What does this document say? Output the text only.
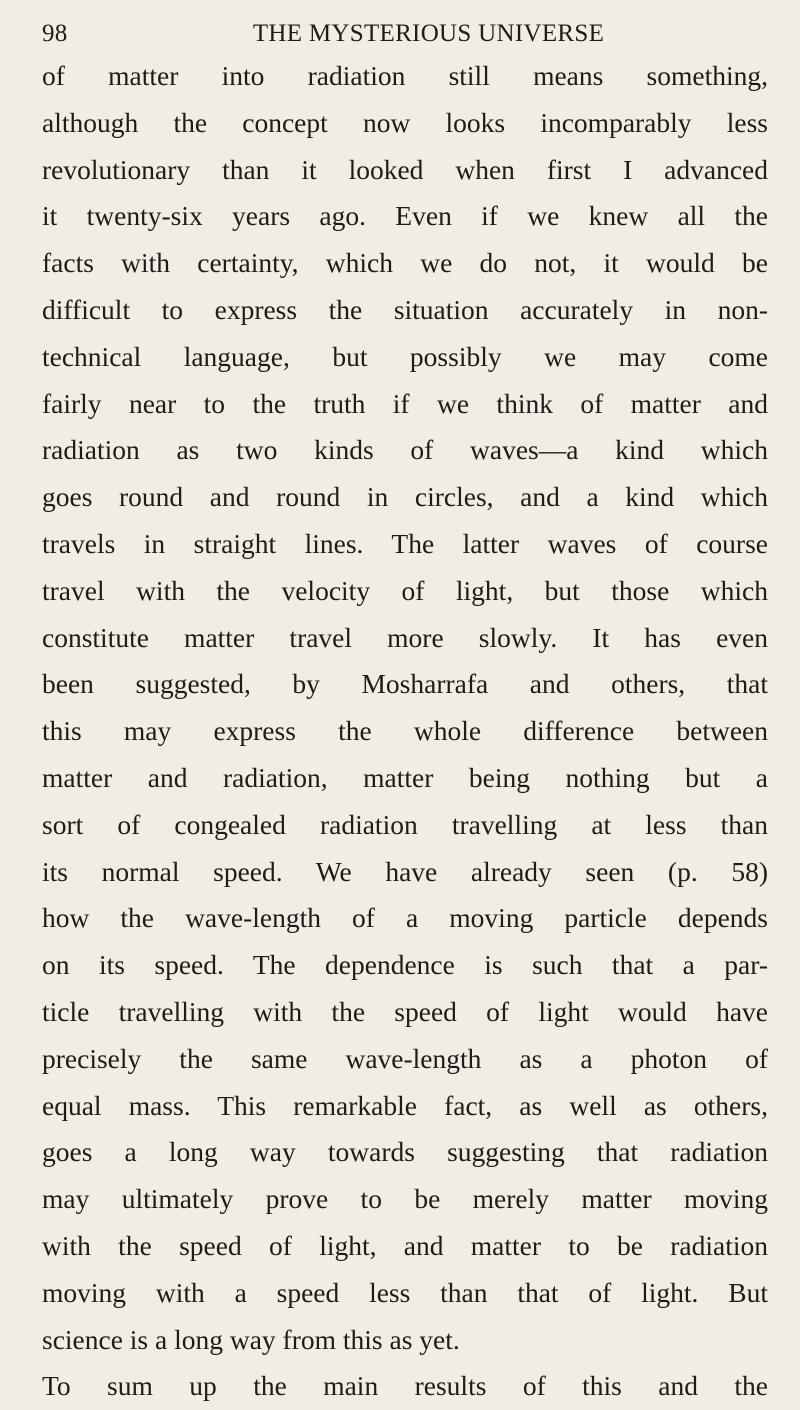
98	THE MYSTERIOUS UNIVERSE
of matter into radiation still means something,
although the concept now looks incomparably less
revolutionary than it looked when first I advanced
it twenty-six years ago. Even if we knew all the
facts with certainty, which we do not, it would be
difficult to express the situation accurately in non-
technical language, but possibly we may come
fairly near to the truth if we think of matter and
radiation as two kinds of waves—a kind which
goes round and round in circles, and a kind which
travels in straight lines. The latter waves of course
travel with the velocity of light, but those which
constitute matter travel more slowly. It has even
been suggested, by Mosharrafa and others, that
this may express the whole difference between
matter and radiation, matter being nothing but a
sort of congealed radiation travelling at less than
its normal speed. We have already seen (p. 58)
how the wave-length of a moving particle depends
on its speed. The dependence is such that a par-
ticle travelling with the speed of light would have
precisely the same wave-length as a photon of
equal mass. This remarkable fact, as well as others,
goes a long way towards suggesting that radiation
may ultimately prove to be merely matter moving
with the speed of light, and matter to be radiation
moving with a speed less than that of light. But
science is a long way from this as yet.
To sum up the main results of this and the
